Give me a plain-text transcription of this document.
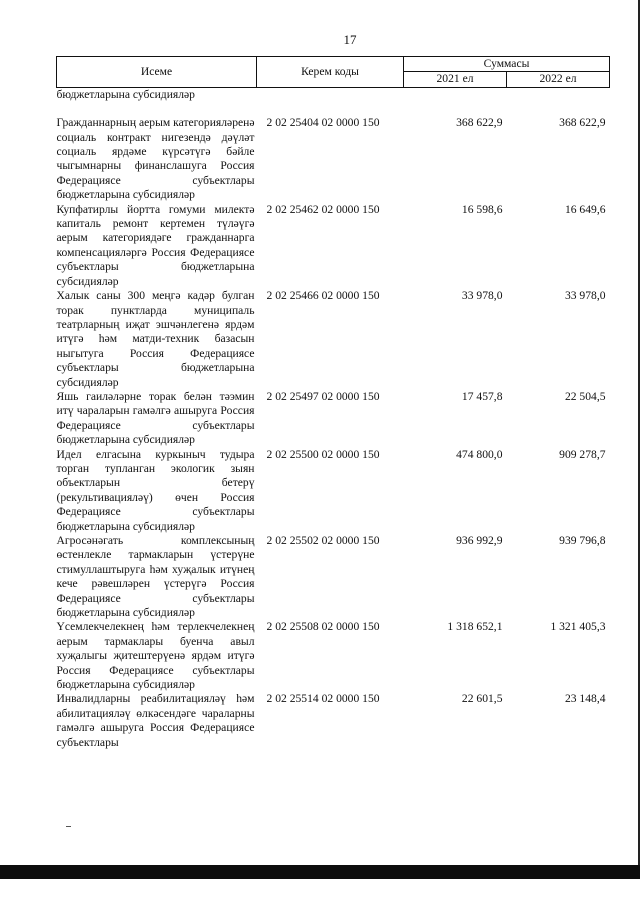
17
Исеме	Керем коды	Суммасы	
		2021 ел	2022 ел
бюджетларына субсидияләр			
Гражданнарның аерым категорияләренә социаль контракт нигезендә дәүләт социаль ярдәме күрсәтүгә бәйле чыгымнарны финанслашуга Россия Федерациясе субъектлары бюджетларына субсидияләр	2 02 25404 02 0000 150	368 622,9	368 622,9
Купфатирлы йортта гомуми милектә капиталь ремонт кертемен түләүгә аерым категориядәге гражданнарга компенсацияләргә Россия Федерациясе субъектлары бюджетларына субсидияләр	2 02 25462 02 0000 150	16 598,6	16 649,6
Халык саны 300 меңгә кадәр булган торак пунктларда муниципаль театрларның иҗат эшчәнлегенә ярдәм итүгә һәм матди-техник базасын ныгытуга Россия Федерациясе субъектлары бюджетларына субсидияләр	2 02 25466 02 0000 150	33 978,0	33 978,0
Яшь гаиләләрне торак белән тәэмин итү чараларын гамәлгә ашыруга Россия Федерациясе субъектлары бюджетларына субсидияләр	2 02 25497 02 0000 150	17 457,8	22 504,5
Идел елгасына куркыныч тудыра торган тупланган экологик зыян объектларын бетерү (рекультивацияләү) өчен Россия Федерациясе субъектлары бюджетларына субсидияләр	2 02 25500 02 0000 150	474 800,0	909 278,7
Агросәнәгать комплексының өстенлекле тармакларын үстерүне стимуллаштыруга һәм хуҗалык итүнең кече рәвешләрен үстерүгә Россия Федерациясе субъектлары бюджетларына субсидияләр	2 02 25502 02 0000 150	936 992,9	939 796,8
Үсемлекчелекнең һәм терлекчелекнең аерым тармаклары буенча авыл хуҗалыгы җитештерүенә ярдәм итүгә Россия Федерациясе субъектлары бюджетларына субсидияләр	2 02 25508 02 0000 150	1 318 652,1	1 321 405,3
Инвалидларны реабилитацияләү һәм абилитацияләү өлкәсендәге чараларны гамәлгә ашыруга Россия Федерациясе субъектлары	2 02 25514 02 0000 150	22 601,5	23 148,4
